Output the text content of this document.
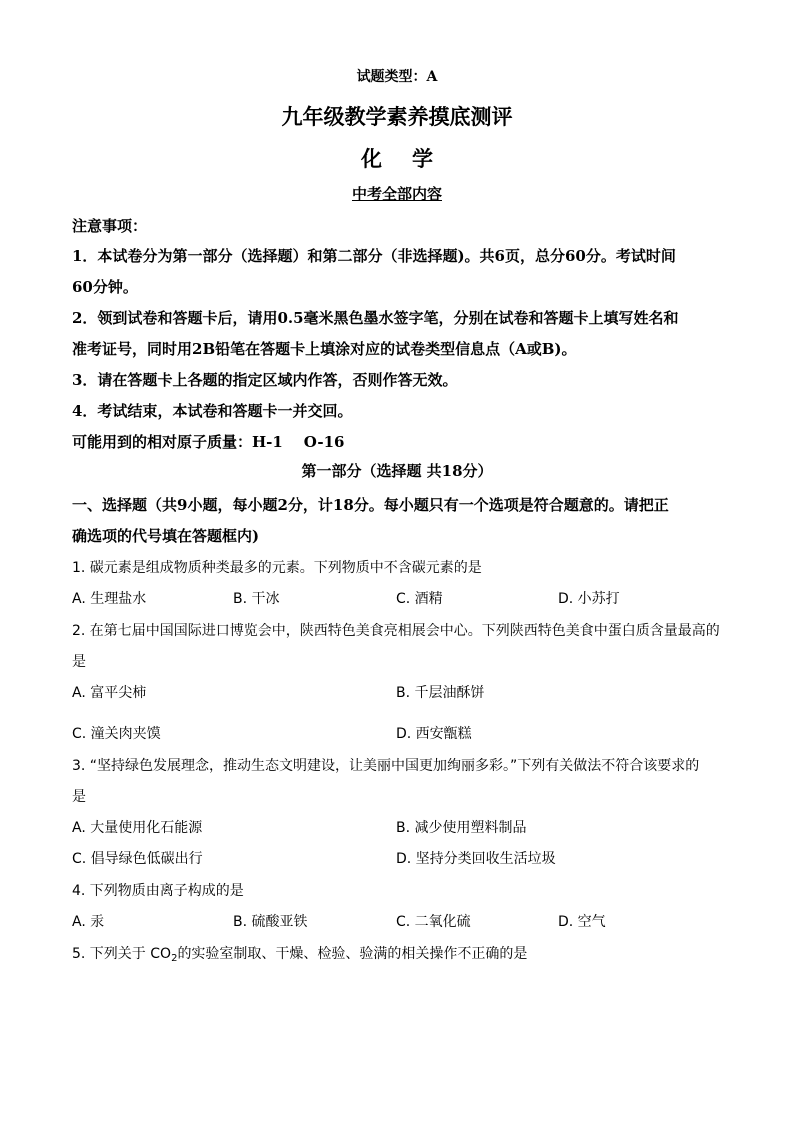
试题类型：A
九年级教学素养摸底测评
化学
中考全部内容
注意事项：
1．本试卷分为第一部分（选择题）和第二部分（非选择题)。共6页，总分60分。考试时间
60分钟。
2．领到试卷和答题卡后，请用0.5毫米黑色墨水签字笔，分别在试卷和答题卡上填写姓名和
准考证号，同时用2B铅笔在答题卡上填涂对应的试卷类型信息点（A或B)。
3．请在答题卡上各题的指定区域内作答，否则作答无效。
4．考试结束，本试卷和答题卡一并交回。
可能用到的相对原子质量：H-1    O-16
第一部分（选择题 共18分）
一、选择题（共9小题，每小题2分，计18分。每小题只有一个选项是符合题意的。请把正
确选项的代号填在答题框内)
1. 碳元素是组成物质种类最多的元素。下列物质中不含碳元素的是
A. 生理盐水	B. 干冰	C. 酒精	D. 小苏打
2. 在第七届中国国际进口博览会中，陕西特色美食亮相展会中心。下列陕西特色美食中蛋白质含量最高的
是
A. 富平尖柿	B. 千层油酥饼
C. 潼关肉夹馍	D. 西安甑糕
3. “坚持绿色发展理念，推动生态文明建设，让美丽中国更加绚丽多彩。”下列有关做法不符合该要求的
是
A. 大量使用化石能源	B. 减少使用塑料制品
C. 倡导绿色低碳出行	D. 坚持分类回收生活垃圾
4. 下列物质由离子构成的是
A. 汞	B. 硫酸亚铁	C. 二氧化硫	D. 空气
5. 下列关于 $CO_2$的实验室制取、干燥、检验、验满的相关操作不正确的是
